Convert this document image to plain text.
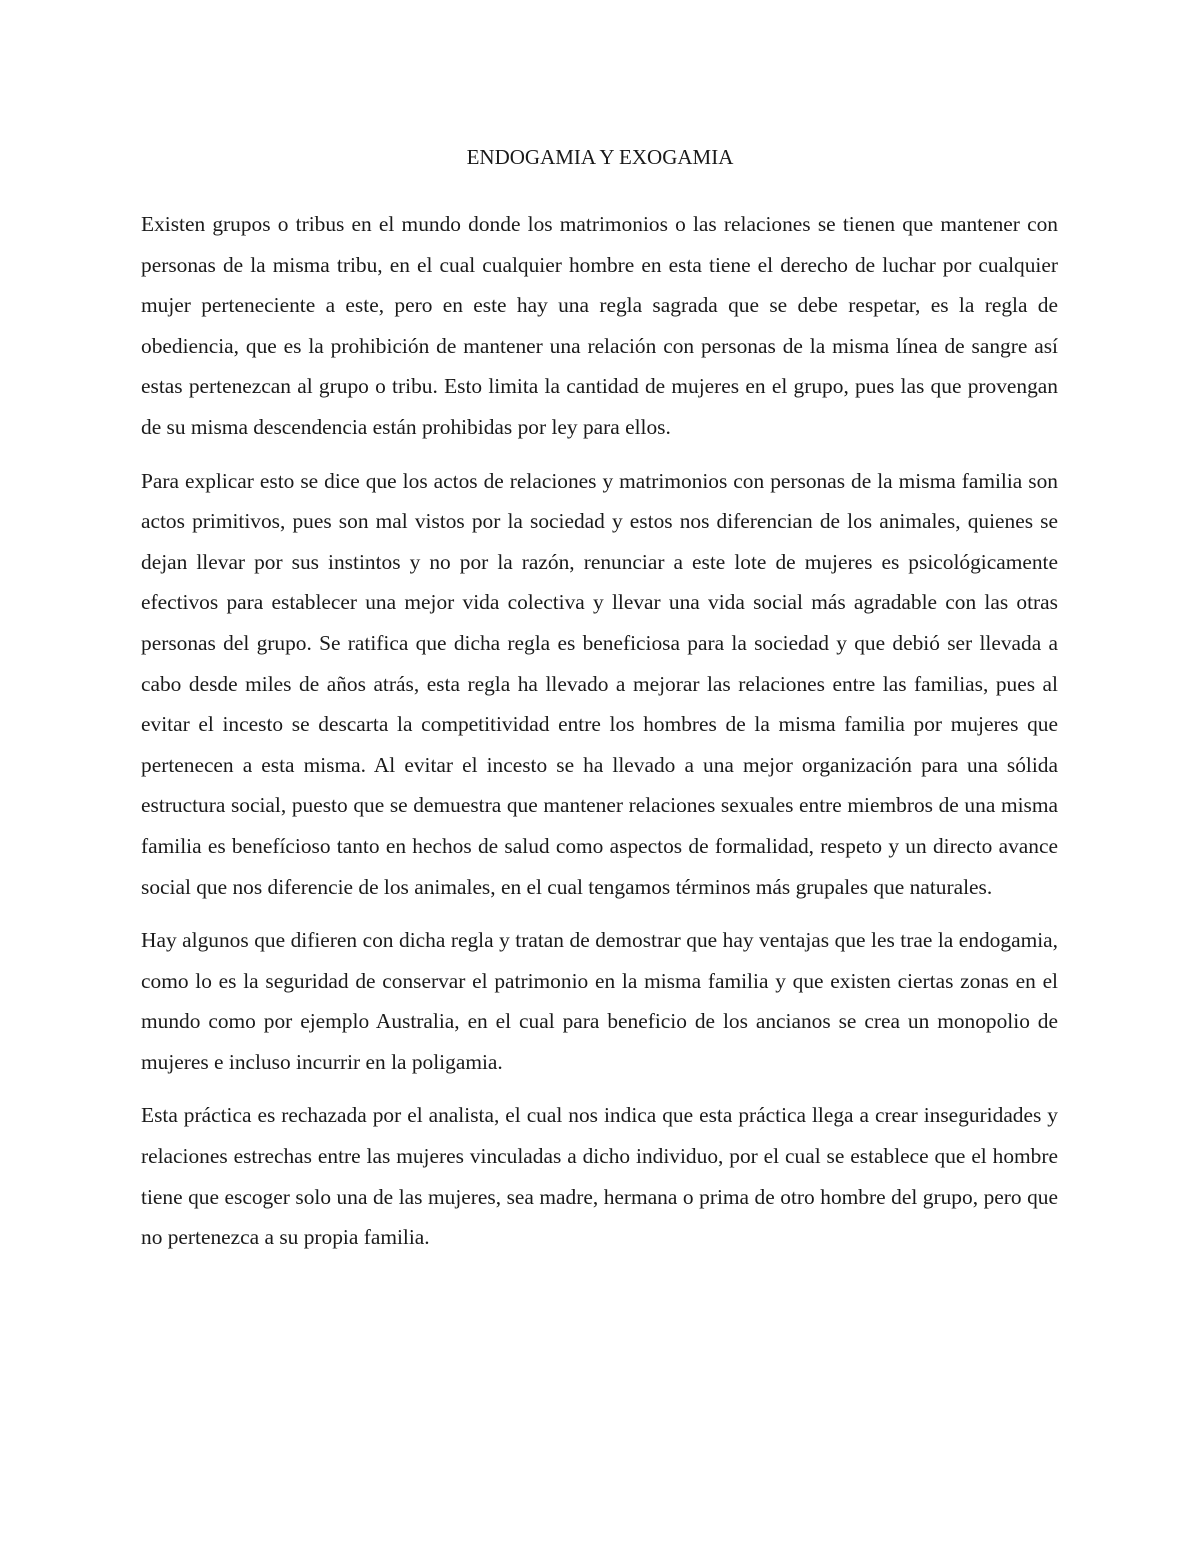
ENDOGAMIA Y EXOGAMIA

Existen grupos o tribus en el mundo donde los matrimonios o las relaciones se tienen que mantener con personas de la misma tribu, en el cual cualquier hombre en esta tiene el derecho de luchar por cualquier mujer perteneciente a este, pero en este hay una regla sagrada que se debe respetar, es la regla de obediencia, que es la prohibición de mantener una relación con personas de la misma línea de sangre así estas pertenezcan al grupo o tribu. Esto limita la cantidad de mujeres en el grupo, pues las que provengan de su misma descendencia están prohibidas por ley para ellos.

Para explicar esto se dice que los actos de relaciones y matrimonios con personas de la misma familia son actos primitivos, pues son mal vistos por la sociedad y estos nos diferencian de los animales, quienes se dejan llevar por sus instintos y no por la razón, renunciar a este lote de mujeres es psicológicamente efectivos para establecer una mejor vida colectiva y llevar una vida social más agradable con las otras personas del grupo. Se ratifica que dicha regla es beneficiosa para la sociedad y que debió ser llevada a cabo desde miles de años atrás, esta regla ha llevado a mejorar las relaciones entre las familias, pues al evitar el incesto se descarta la competitividad entre los hombres de la misma familia por mujeres que pertenecen a esta misma. Al evitar el incesto se ha llevado a una mejor organización para una sólida estructura social, puesto que se demuestra que mantener relaciones sexuales entre miembros de una misma familia es benefícioso tanto en hechos de salud como aspectos de formalidad, respeto y un directo avance social que nos diferencie de los animales, en el cual tengamos términos más grupales que naturales.

Hay algunos que difieren con dicha regla y tratan de demostrar que hay ventajas que les trae la endogamia, como lo es la seguridad de conservar el patrimonio en la misma familia y que existen ciertas zonas en el mundo como por ejemplo Australia, en el cual para beneficio de los ancianos se crea un monopolio de mujeres e incluso incurrir en la poligamia.

Esta práctica es rechazada por el analista, el cual nos indica que esta práctica llega a crear inseguridades y relaciones estrechas entre las mujeres vinculadas a dicho individuo, por el cual se establece que el hombre tiene que escoger solo una de las mujeres, sea madre, hermana o prima de otro hombre del grupo, pero que no pertenezca a su propia familia.
